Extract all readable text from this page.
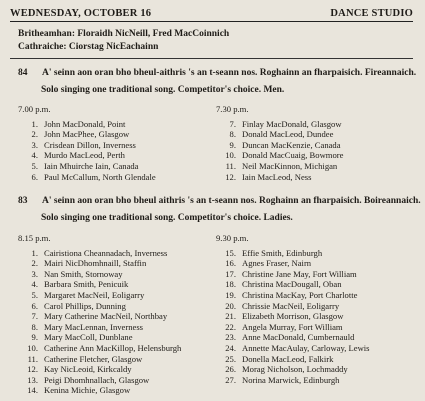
WEDNESDAY, OCTOBER 16	DANCE STUDIO
Britheamhan: Floraidh NicNeill, Fred MacCoinnich
Cathraiche: Ciorstag NicEachainn
84 A' seinn aon oran bho bheul-aithris 's an t-seann nos. Roghainn an fharpaisich. Fireannaich.
Solo singing one traditional song. Competitor's choice. Men.
7.00 p.m.
1. John MacDonald, Point
2. John MacPhee, Glasgow
3. Crisdean Dillon, Inverness
4. Murdo MacLeod, Perth
5. Iain Mhuirche Iain, Canada
6. Paul McCallum, North Glendale
7.30 p.m.
7. Finlay MacDonald, Glasgow
8. Donald MacLeod, Dundee
9. Duncan MacKenzie, Canada
10. Donald MacCuaig, Bowmore
11. Neil MacKinnon, Michigan
12. Iain MacLeod, Ness
83 A' seinn aon oran bho bheul aithris 's an t-seann nos. Roghainn an fharpaisich. Boireannaich.
Solo singing one traditional song. Competitor's choice. Ladies.
8.15 p.m.
1. Cairistiona Cheannadach, Inverness
2. Mairi NicDhomhnaill, Staffin
3. Nan Smith, Stornoway
4. Barbara Smith, Penicuik
5. Margaret MacNeil, Eoligarry
6. Carol Phillips, Dunning
7. Mary Catherine MacNeil, Northbay
8. Mary MacLennan, Inverness
9. Mary MacColl, Dunblane
10. Catherine Ann MacKillop, Helensburgh
11. Catherine Fletcher, Glasgow
12. Kay NicLeoid, Kirkcaldy
13. Peigi Dhomhnallach, Glasgow
14. Kenina Michie, Glasgow
9.30 p.m.
15. Effie Smith, Edinburgh
16. Agnes Fraser, Nairn
17. Christine Jane May, Fort William
18. Christina MacDougall, Oban
19. Christina MacKay, Port Charlotte
20. Chrissie MacNeil, Eoligarry
21. Elizabeth Morrison, Glasgow
22. Angela Murray, Fort William
23. Anne MacDonald, Cumbernauld
24. Annette MacAulay, Carloway, Lewis
25. Donella MacLeod, Falkirk
26. Morag Nicholson, Lochmaddy
27. Norina Marwick, Edinburgh
